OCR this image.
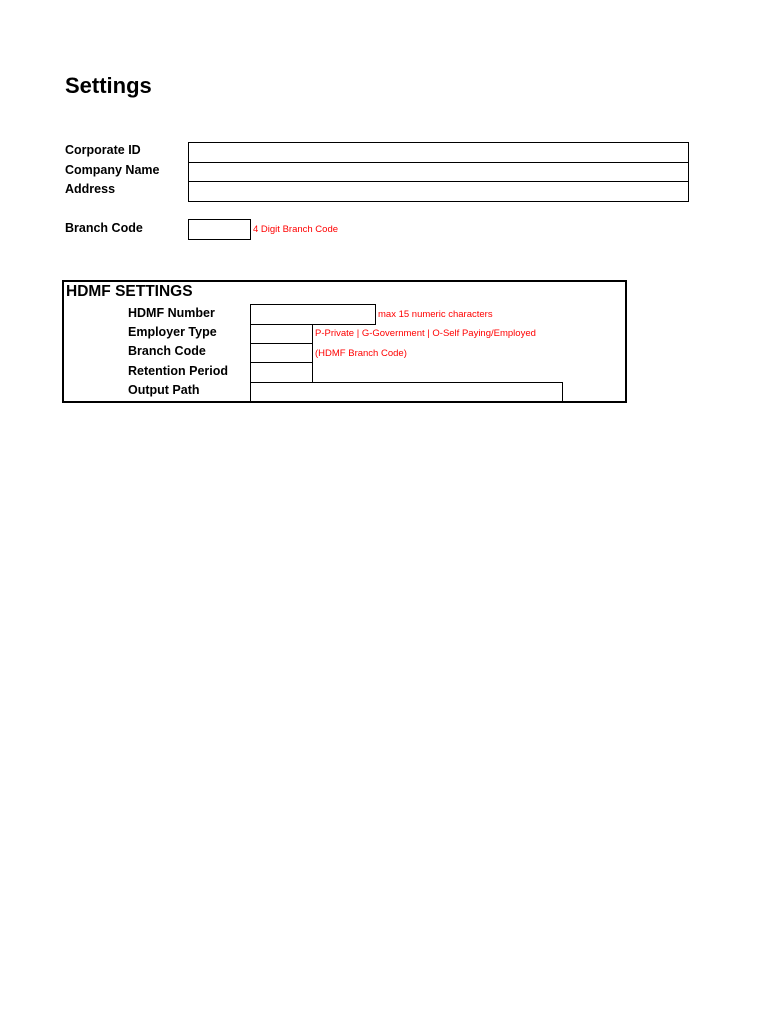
Settings
Corporate ID
Company Name
Address
Branch Code	4 Digit Branch Code
HDMF SETTINGS
HDMF Number	max 15 numeric characters
Employer Type	P-Private | G-Government | O-Self Paying/Employed
Branch Code	(HDMF Branch Code)
Retention Period
Output Path
